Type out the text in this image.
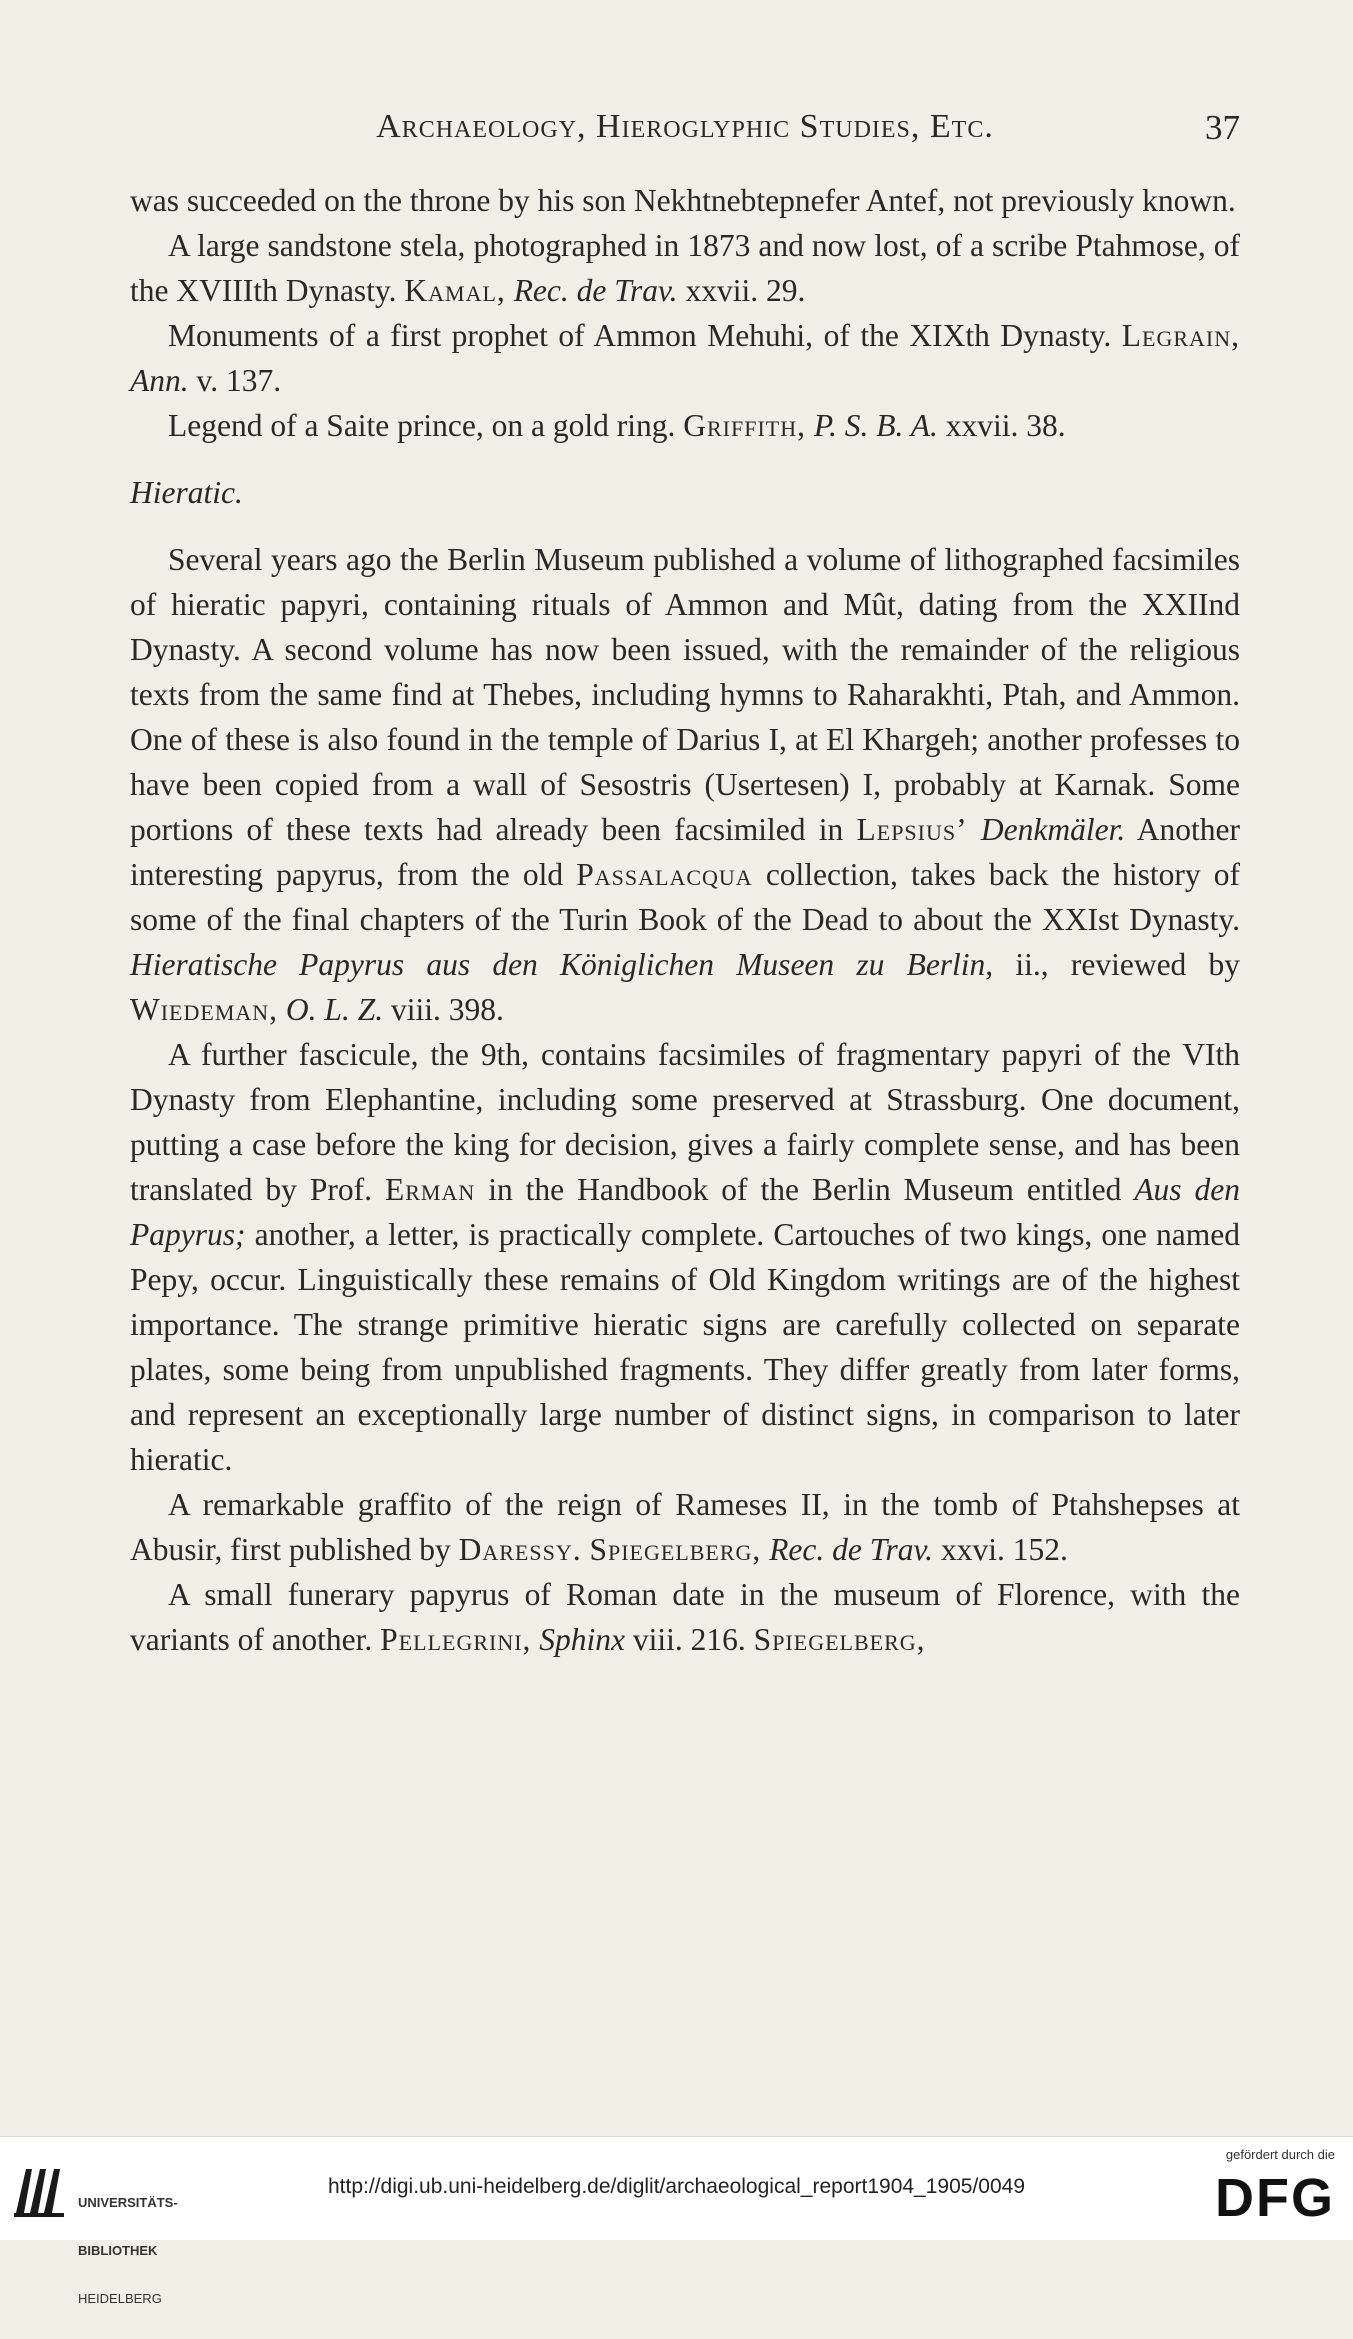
Archaeology, Hieroglyphic Studies, Etc.	37

was succeeded on the throne by his son Nekhtnebtepnefer Antef, not previously known.

A large sandstone stela, photographed in 1873 and now lost, of a scribe Ptahmose, of the XVIIIth Dynasty. Kamal, Rec. de Trav. xxvii. 29.

Monuments of a first prophet of Ammon Mehuhi, of the XIXth Dynasty. Legrain, Ann. v. 137.

Legend of a Saite prince, on a gold ring. Griffith, P. S. B. A. xxvii. 38.

Hieratic.

Several years ago the Berlin Museum published a volume of lithographed facsimiles of hieratic papyri, containing rituals of Ammon and Mût, dating from the XXIInd Dynasty. A second volume has now been issued, with the remainder of the religious texts from the same find at Thebes, including hymns to Raharakhti, Ptah, and Ammon. One of these is also found in the temple of Darius I, at El Khargeh; another professes to have been copied from a wall of Sesostris (Usertesen) I, probably at Karnak. Some portions of these texts had already been facsimiled in Lepsius’ Denkmäler. Another interesting papyrus, from the old Passalacqua collection, takes back the history of some of the final chapters of the Turin Book of the Dead to about the XXIst Dynasty. Hieratische Papyrus aus den Königlichen Museen zu Berlin, ii., reviewed by Wiedeman, O. L. Z. viii. 398.

A further fascicule, the 9th, contains facsimiles of fragmentary papyri of the VIth Dynasty from Elephantine, including some preserved at Strassburg. One document, putting a case before the king for decision, gives a fairly complete sense, and has been translated by Prof. Erman in the Handbook of the Berlin Museum entitled Aus den Papyrus; another, a letter, is practically complete. Cartouches of two kings, one named Pepy, occur. Linguistically these remains of Old Kingdom writings are of the highest importance. The strange primitive hieratic signs are carefully collected on separate plates, some being from unpublished fragments. They differ greatly from later forms, and represent an exceptionally large number of distinct signs, in comparison to later hieratic.

A remarkable graffito of the reign of Rameses II, in the tomb of Ptahshepses at Abusir, first published by Daressy. Spiegelberg, Rec. de Trav. xxvi. 152.

A small funerary papyrus of Roman date in the museum of Florence, with the variants of another. Pellegrini, Sphinx viii. 216. Spiegelberg,

UNIVERSITÄTS-

BIBLIOTHEK

HEIDELBERG

http://digi.ub.uni-heidelberg.de/diglit/archaeological_report1904_1905/0049
gefördert durch die
DFG
